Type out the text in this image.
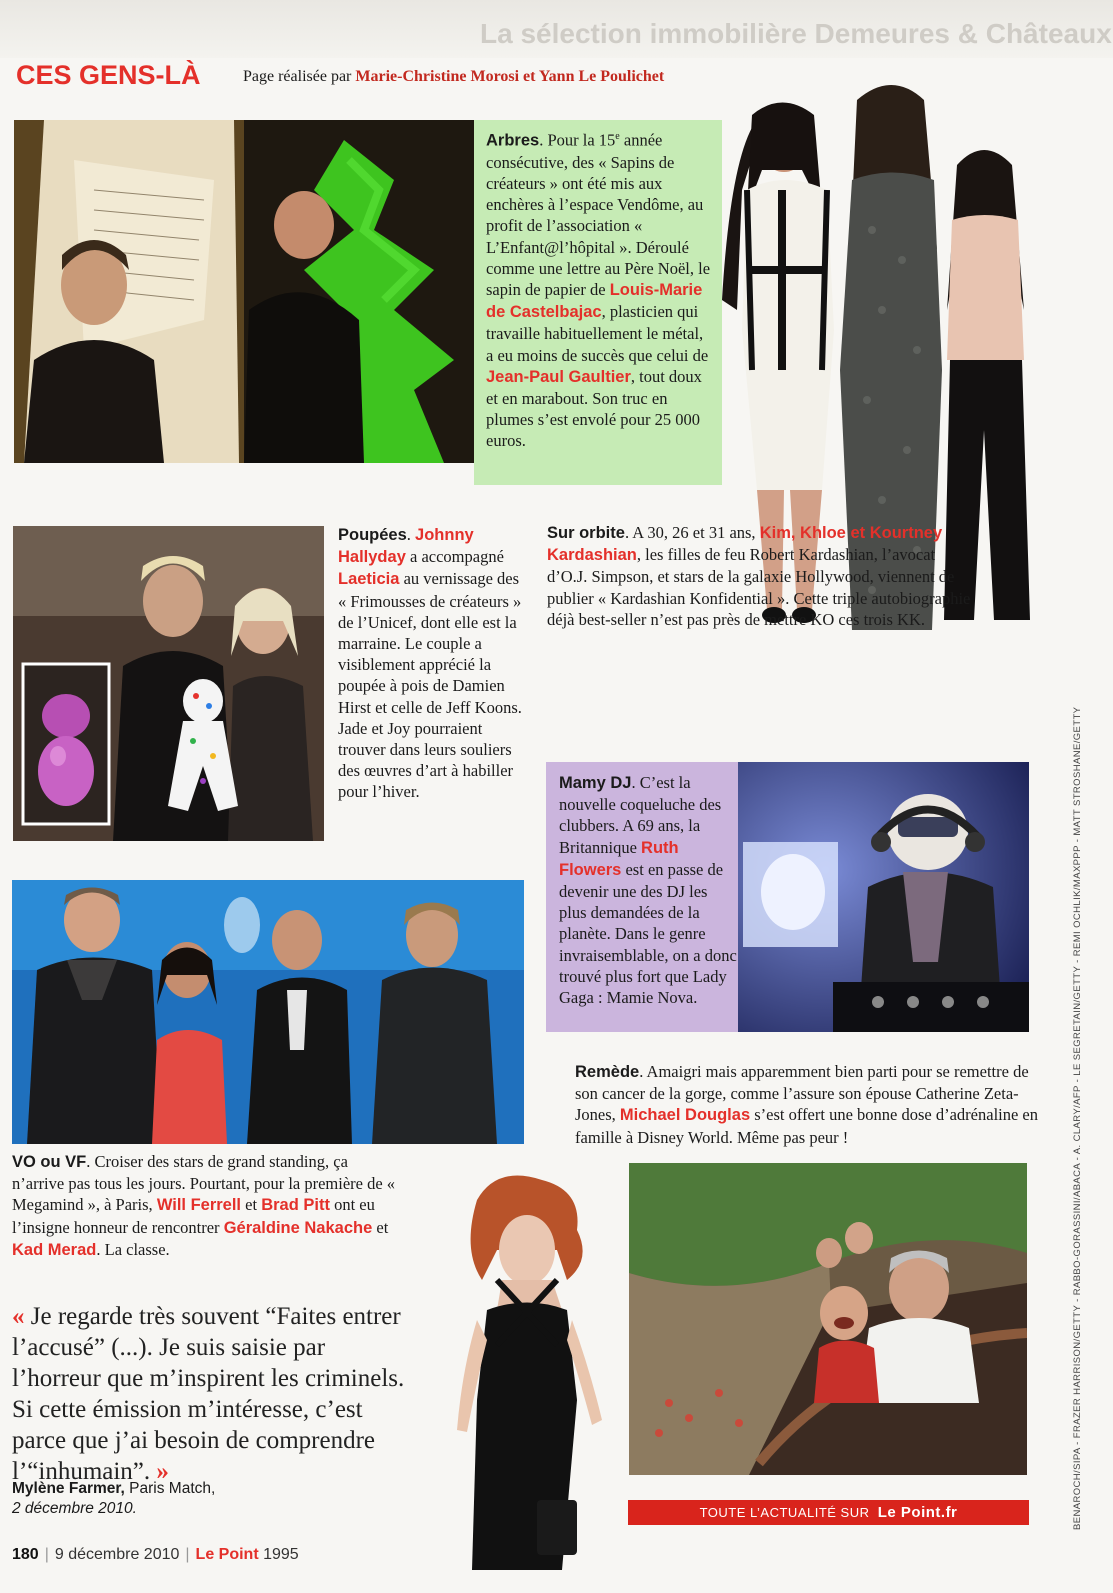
La sélection immobilière Demeures & Châteaux
CES GENS-LÀ	Page réalisée par Marie-Christine Morosi et Yann Le Poulichet
Arbres. Pour la 15e année consécutive, des « Sapins de créateurs » ont été mis aux enchères à l’espace Vendôme, au profit de l’association « L’Enfant@l’hôpital ». Déroulé comme une lettre au Père Noël, le sapin de papier de Louis-Marie de Castelbajac, plasticien qui travaille habituellement le métal, a eu moins de succès que celui de Jean-Paul Gaultier, tout doux et en marabout. Son truc en plumes s’est envolé pour 25 000 euros.
Poupées. Johnny Hallyday a accompagné Laeticia au vernissage des « Frimousses de créateurs » de l’Unicef, dont elle est la marraine. Le couple a visiblement apprécié la poupée à pois de Damien Hirst et celle de Jeff Koons. Jade et Joy pourraient trouver dans leurs souliers des œuvres d’art à habiller pour l’hiver.
Sur orbite. A 30, 26 et 31 ans, Kim, Khloe et Kourtney Kardashian, les filles de feu Robert Kardashian, l’avocat d’O.J. Simpson, et stars de la galaxie Hollywood, viennent de publier « Kardashian Konfidential ». Cette triple autobiographie déjà best-seller n’est pas près de mettre KO ces trois KK.
Mamy DJ. C’est la nouvelle coqueluche des clubbers. A 69 ans, la Britannique Ruth Flowers est en passe de devenir une des DJ les plus demandées de la planète. Dans le genre invraisemblable, on a donc trouvé plus fort que Lady Gaga : Mamie Nova.
VO ou VF. Croiser des stars de grand standing, ça n’arrive pas tous les jours. Pourtant, pour la première de « Megamind », à Paris, Will Ferrell et Brad Pitt ont eu l’insigne honneur de rencontrer Géraldine Nakache et Kad Merad. La classe.
Remède. Amaigri mais apparemment bien parti pour se remettre de son cancer de la gorge, comme l’assure son épouse Catherine Zeta-Jones, Michael Douglas s’est offert une bonne dose d’adrénaline en famille à Disney World. Même pas peur !
TOUTE L’ACTUALITÉ SUR Le Point.fr
« Je regarde très souvent “Faites entrer l’accusé” (...). Je suis saisie par l’horreur que m’inspirent les criminels. Si cette émission m’intéresse, c’est parce que j’ai besoin de comprendre l’“inhumain”. »
Mylène Farmer, Paris Match,
2 décembre 2010.
180 | 9 décembre 2010 | Le Point 1995
BENAROCH/SIPA - FRAZER HARRISON/GETTY - RABBO-GORASSINI/ABACA - A. CLARY/AFP - LE SEGRETAIN/GETTY - REMI OCHLIK/MAXPPP - MATT STROSHANE/GETTY
